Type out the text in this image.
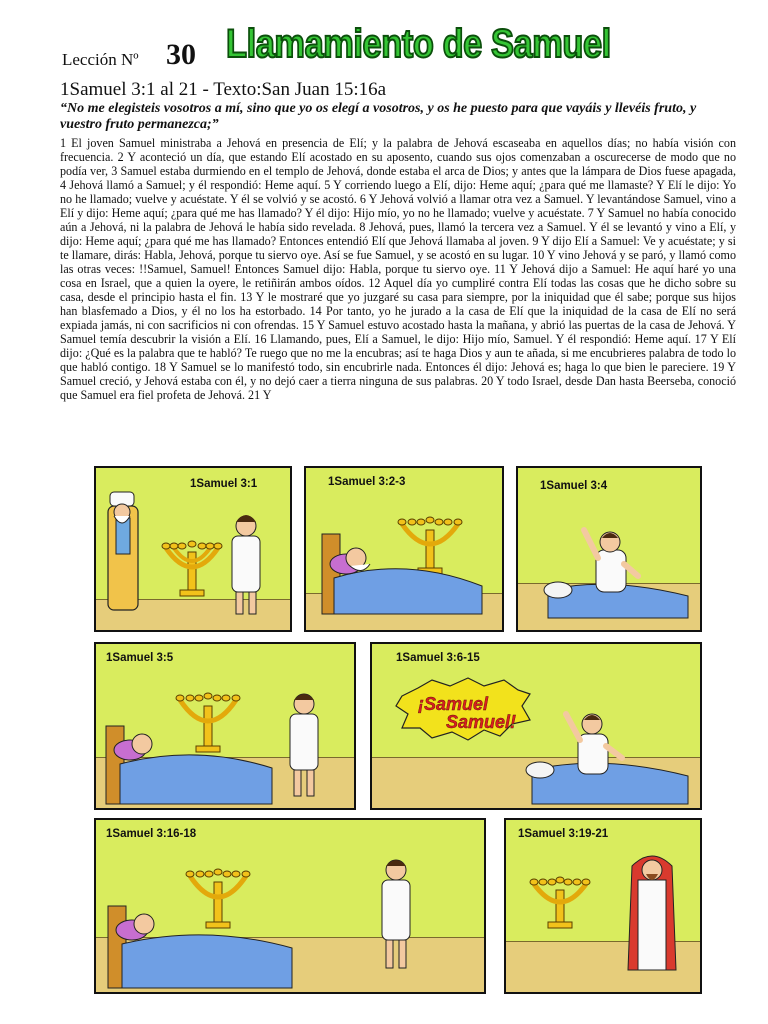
Lección Nº 30 Llamamiento de Samuel
1Samuel 3:1 al 21 - Texto:San Juan 15:16a
“No me elegisteis vosotros a mí, sino que yo os elegí a vosotros, y os he puesto para que vayáis y llevéis fruto, y vuestro fruto permanezca;”
1 El joven Samuel ministraba a Jehová en presencia de Elí; y la palabra de Jehová escaseaba en aquellos días; no había visión con frecuencia. 2 Y aconteció un día, que estando Elí acostado en su aposento, cuando sus ojos comenzaban a oscurecerse de modo que no podía ver, 3 Samuel estaba durmiendo en el templo de Jehová, donde estaba el arca de Dios; y antes que la lámpara de Dios fuese apagada, 4 Jehová llamó a Samuel; y él respondió: Heme aquí. 5 Y corriendo luego a Elí, dijo: Heme aquí; ¿para qué me llamaste? Y Elí le dijo: Yo no he llamado; vuelve y acuéstate. Y él se volvió y se acostó. 6 Y Jehová volvió a llamar otra vez a Samuel. Y levantándose Samuel, vino a Elí y dijo: Heme aquí; ¿para qué me has llamado? Y él dijo: Hijo mío, yo no he llamado; vuelve y acuéstate. 7 Y Samuel no había conocido aún a Jehová, ni la palabra de Jehová le había sido revelada. 8 Jehová, pues, llamó la tercera vez a Samuel. Y él se levantó y vino a Elí, y dijo: Heme aquí; ¿para qué me has llamado? Entonces entendió Elí que Jehová llamaba al joven. 9 Y dijo Elí a Samuel: Ve y acuéstate; y si te llamare, dirás: Habla, Jehová, porque tu siervo oye. Así se fue Samuel, y se acostó en su lugar. 10 Y vino Jehová y se paró, y llamó como las otras veces: !!Samuel, Samuel! Entonces Samuel dijo: Habla, porque tu siervo oye. 11 Y Jehová dijo a Samuel: He aquí haré yo una cosa en Israel, que a quien la oyere, le retiñirán ambos oídos. 12 Aquel día yo cumpliré contra Elí todas las cosas que he dicho sobre su casa, desde el principio hasta el fin. 13 Y le mostraré que yo juzgaré su casa para siempre, por la iniquidad que él sabe; porque sus hijos han blasfemado a Dios, y él no los ha estorbado. 14 Por tanto, yo he jurado a la casa de Elí que la iniquidad de la casa de Elí no será expiada jamás, ni con sacrificios ni con ofrendas. 15 Y Samuel estuvo acostado hasta la mañana, y abrió las puertas de la casa de Jehová. Y Samuel temía descubrir la visión a Elí. 16 Llamando, pues, Elí a Samuel, le dijo: Hijo mío, Samuel. Y él respondió: Heme aquí. 17 Y Elí dijo: ¿Qué es la palabra que te habló? Te ruego que no me la encubras; así te haga Dios y aun te añada, si me encubrieres palabra de todo lo que habló contigo. 18 Y Samuel se lo manifestó todo, sin encubrirle nada. Entonces él dijo: Jehová es; haga lo que bien le pareciere. 19 Y Samuel creció, y Jehová estaba con él, y no dejó caer a tierra ninguna de sus palabras. 20 Y todo Israel, desde Dan hasta Beerseba, conoció que Samuel era fiel profeta de Jehová. 21 Y
1Samuel 3:1	1Samuel 3:2-3	1Samuel 3:4
1Samuel 3:5	1Samuel 3:6-15
¡Samuel
Samuel!
1Samuel 3:16-18	1Samuel 3:19-21
